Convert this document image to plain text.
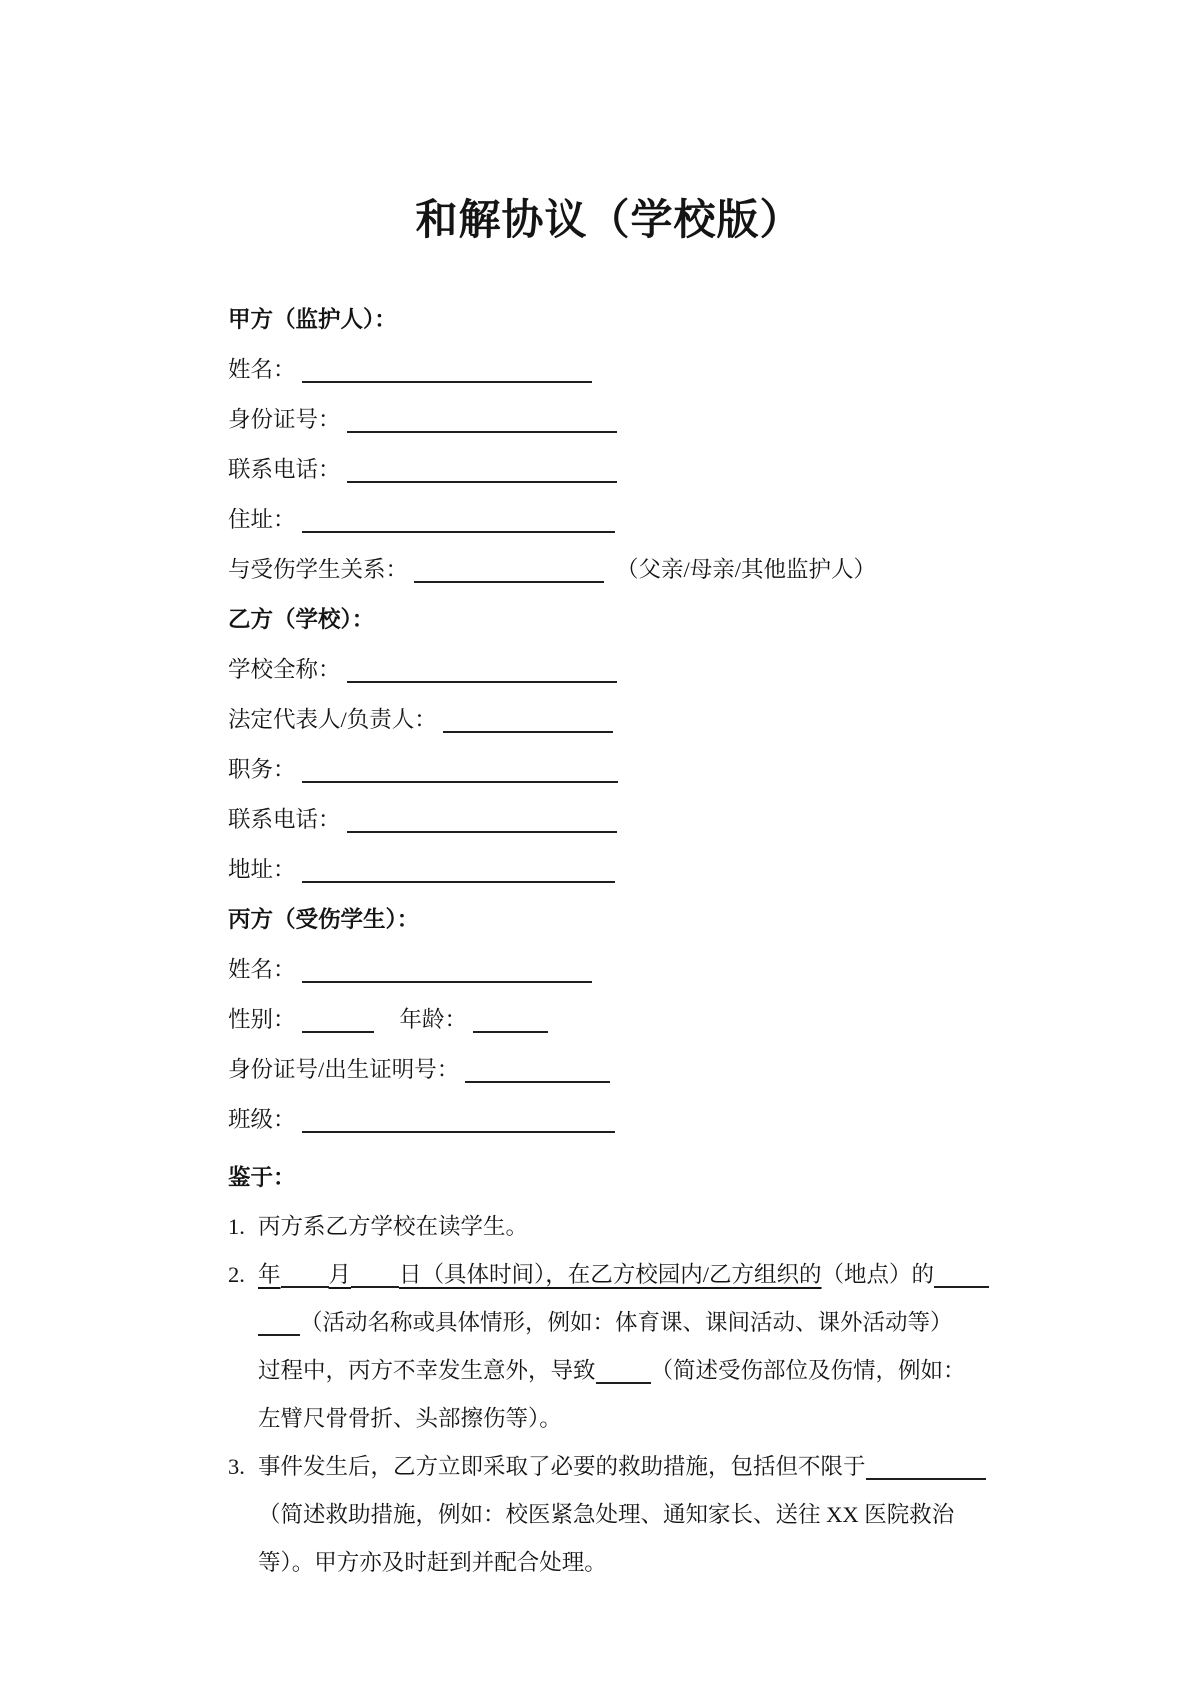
和解协议（学校版）
甲方（监护人）：
姓名：
身份证号：
联系电话：
住址：
与受伤学生关系：	（父亲/母亲/其他监护人）
乙方（学校）：
学校全称：
法定代表人/负责人：
职务：
联系电话：
地址：
丙方（受伤学生）：
姓名：
性别：	年龄：
身份证号/出生证明号：
班级：
鉴于：
1. 丙方系乙方学校在读学生。
2. 年 月 日（具体时间），在乙方校园内/乙方组织的（地点）的
（活动名称或具体情形，例如：体育课、课间活动、课外活动等）
过程中，丙方不幸发生意外，导致 （简述受伤部位及伤情，例如：
左臂尺骨骨折、头部擦伤等）。
3. 事件发生后，乙方立即采取了必要的救助措施，包括但不限于
（简述救助措施，例如：校医紧急处理、通知家长、送往 XX 医院救治
等）。甲方亦及时赶到并配合处理。
